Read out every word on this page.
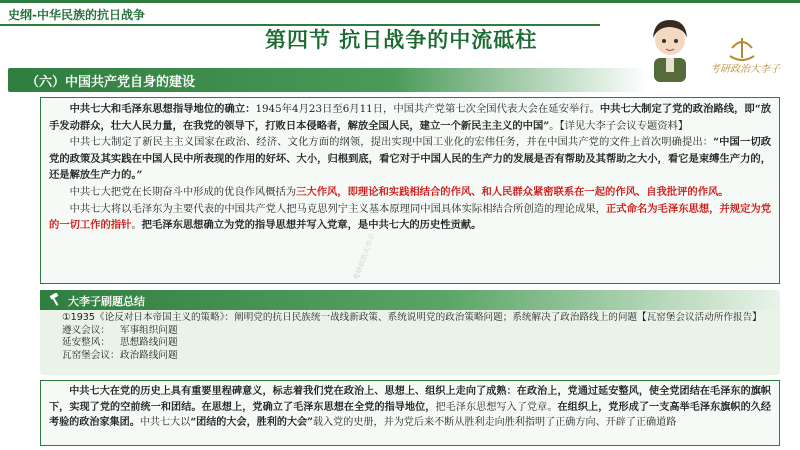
史纲-中华民族的抗日战争
第四节 抗日战争的中流砥柱
考研政治大李子
（六）中国共产党自身的建设

中共七大和毛泽东思想指导地位的确立：1945年4月23日至6月11日，中国共产党第七次全国代表大会在延安举行。中共七大制定了党的政治路线，即“放手发动群众，壮大人民力量，在我党的领导下，打败日本侵略者，解放全国人民，建立一个新民主主义的中国”。【详见大李子会议专题资料】

中共七大制定了新民主主义国家在政治、经济、文化方面的纲领，提出实现中国工业化的宏伟任务，并在中国共产党的文件上首次明确提出：“中国一切政党的政策及其实践在中国人民中所表现的作用的好坏、大小，归根到底，看它对于中国人民的生产力的发展是否有帮助及其帮助之大小，看它是束缚生产力的，还是解放生产力的。”

中共七大把党在长期奋斗中形成的优良作风概括为三大作风，即理论和实践相结合的作风、和人民群众紧密联系在一起的作风、自我批评的作风。

中共七大将以毛泽东为主要代表的中国共产党人把马克思列宁主义基本原理同中国具体实际相结合所创造的理论成果，正式命名为毛泽东思想，并规定为党的一切工作的指针。把毛泽东思想确立为党的指导思想并写入党章，是中共七大的历史性贡献。

考研政治大李子
大李子刷题总结
①1935《论反对日本帝国主义的策略》：阐明党的抗日民族统一战线新政策、系统说明党的政治策略问题；系统解决了政治路线上的问题【瓦窑堡会议活动所作报告】
遵义会议： 军事组织问题
延安整风： 思想路线问题
瓦窑堡会议：政治路线问题

中共七大在党的历史上具有重要里程碑意义，标志着我们党在政治上、思想上、组织上走向了成熟：在政治上，党通过延安整风，使全党团结在毛泽东的旗帜下，实现了党的空前统一和团结。在思想上，党确立了毛泽东思想在全党的指导地位，把毛泽东思想写入了党章。在组织上，党形成了一支高举毛泽东旗帜的久经考验的政治家集团。中共七大以“团结的大会，胜利的大会”载入党的史册，并为党后来不断从胜利走向胜利指明了正确方向、开辟了正确道路
